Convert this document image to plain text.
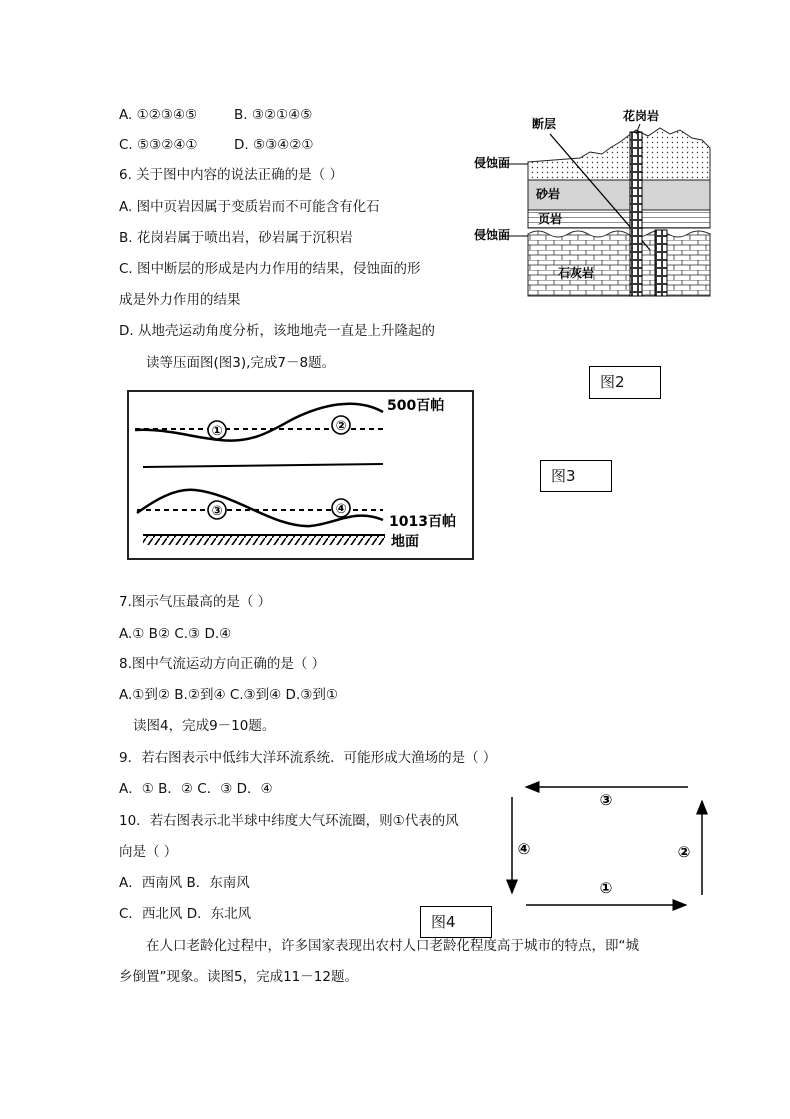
A. ①②③④⑤	B. ③②①④⑤
C. ⑤③②④①	D. ⑤③④②①
6. 关于图中内容的说法正确的是（ ）
A. 图中页岩因属于变质岩而不可能含有化石
B. 花岗岩属于喷出岩，砂岩属于沉积岩
C. 图中断层的形成是内力作用的结果，侵蚀面的形
成是外力作用的结果
D. 从地壳运动角度分析，该地地壳一直是上升隆起的
读等压面图(图3),完成7－8题。
断层
花岗岩
侵蚀面
砂岩
页岩
侵蚀面
石灰岩
图2
①	②
③	④
500百帕
1013百帕
地面
图3
7.图示气压最高的是（ ）
A.① B② C.③ D.④
8.图中气流运动方向正确的是（ ）
A.①到② B.②到④ C.③到④ D.③到①
读图4，完成9－10题。
9．若右图表示中低纬大洋环流系统．可能形成大渔场的是（ ）
A．① B．② C．③ D．④
10．若右图表示北半球中纬度大气环流圈，则①代表的风
向是（ ）
A．西南风 B．东南风
C．西北风 D．东北风
③
④	②
①
图4
在人口老龄化过程中，许多国家表现出农村人口老龄化程度高于城市的特点，即“城
乡倒置”现象。读图5，完成11－12题。
